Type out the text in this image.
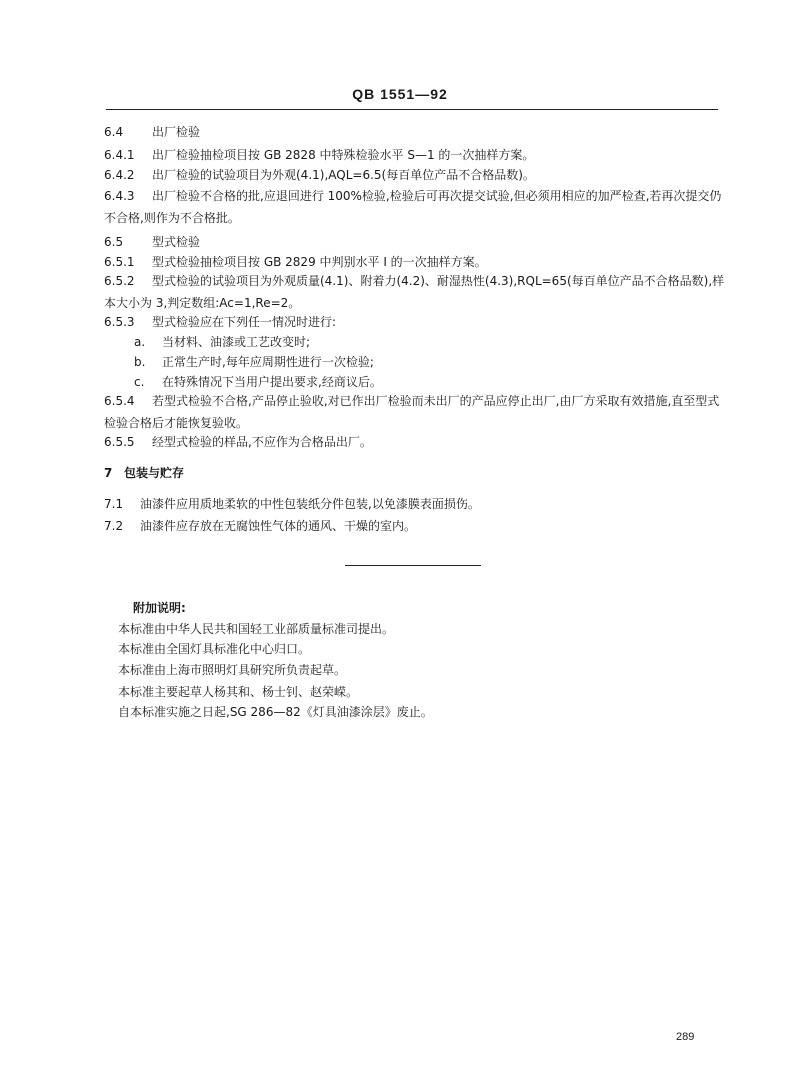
QB 1551—92
6.4 出厂检验
6.4.1 出厂检验抽检项目按 GB 2828 中特殊检验水平 S—1 的一次抽样方案。
6.4.2 出厂检验的试验项目为外观(4.1),AQL=6.5(每百单位产品不合格品数)。
6.4.3 出厂检验不合格的批,应退回进行 100%检验,检验后可再次提交试验,但必须用相应的加严检查,若再次提交仍不合格,则作为不合格批。
6.5 型式检验
6.5.1 型式检验抽检项目按 GB 2829 中判别水平 I 的一次抽样方案。
6.5.2 型式检验的试验项目为外观质量(4.1)、附着力(4.2)、耐湿热性(4.3),RQL=65(每百单位产品不合格品数),样本大小为 3,判定数组:Ac=1,Re=2。
6.5.3 型式检验应在下列任一情况时进行:
a. 当材料、油漆或工艺改变时;
b. 正常生产时,每年应周期性进行一次检验;
c. 在特殊情况下当用户提出要求,经商议后。
6.5.4 若型式检验不合格,产品停止验收,对已作出厂检验而未出厂的产品应停止出厂,由厂方采取有效措施,直至型式检验合格后才能恢复验收。
6.5.5 经型式检验的样品,不应作为合格品出厂。
7 包装与贮存
7.1 油漆件应用质地柔软的中性包装纸分件包装,以免漆膜表面损伤。
7.2 油漆件应存放在无腐蚀性气体的通风、干燥的室内。
附加说明:
本标准由中华人民共和国轻工业部质量标准司提出。
本标准由全国灯具标准化中心归口。
本标准由上海市照明灯具研究所负责起草。
本标准主要起草人杨其和、杨士钊、赵荣嵘。
自本标准实施之日起,SG 286—82《灯具油漆涂层》废止。
289
